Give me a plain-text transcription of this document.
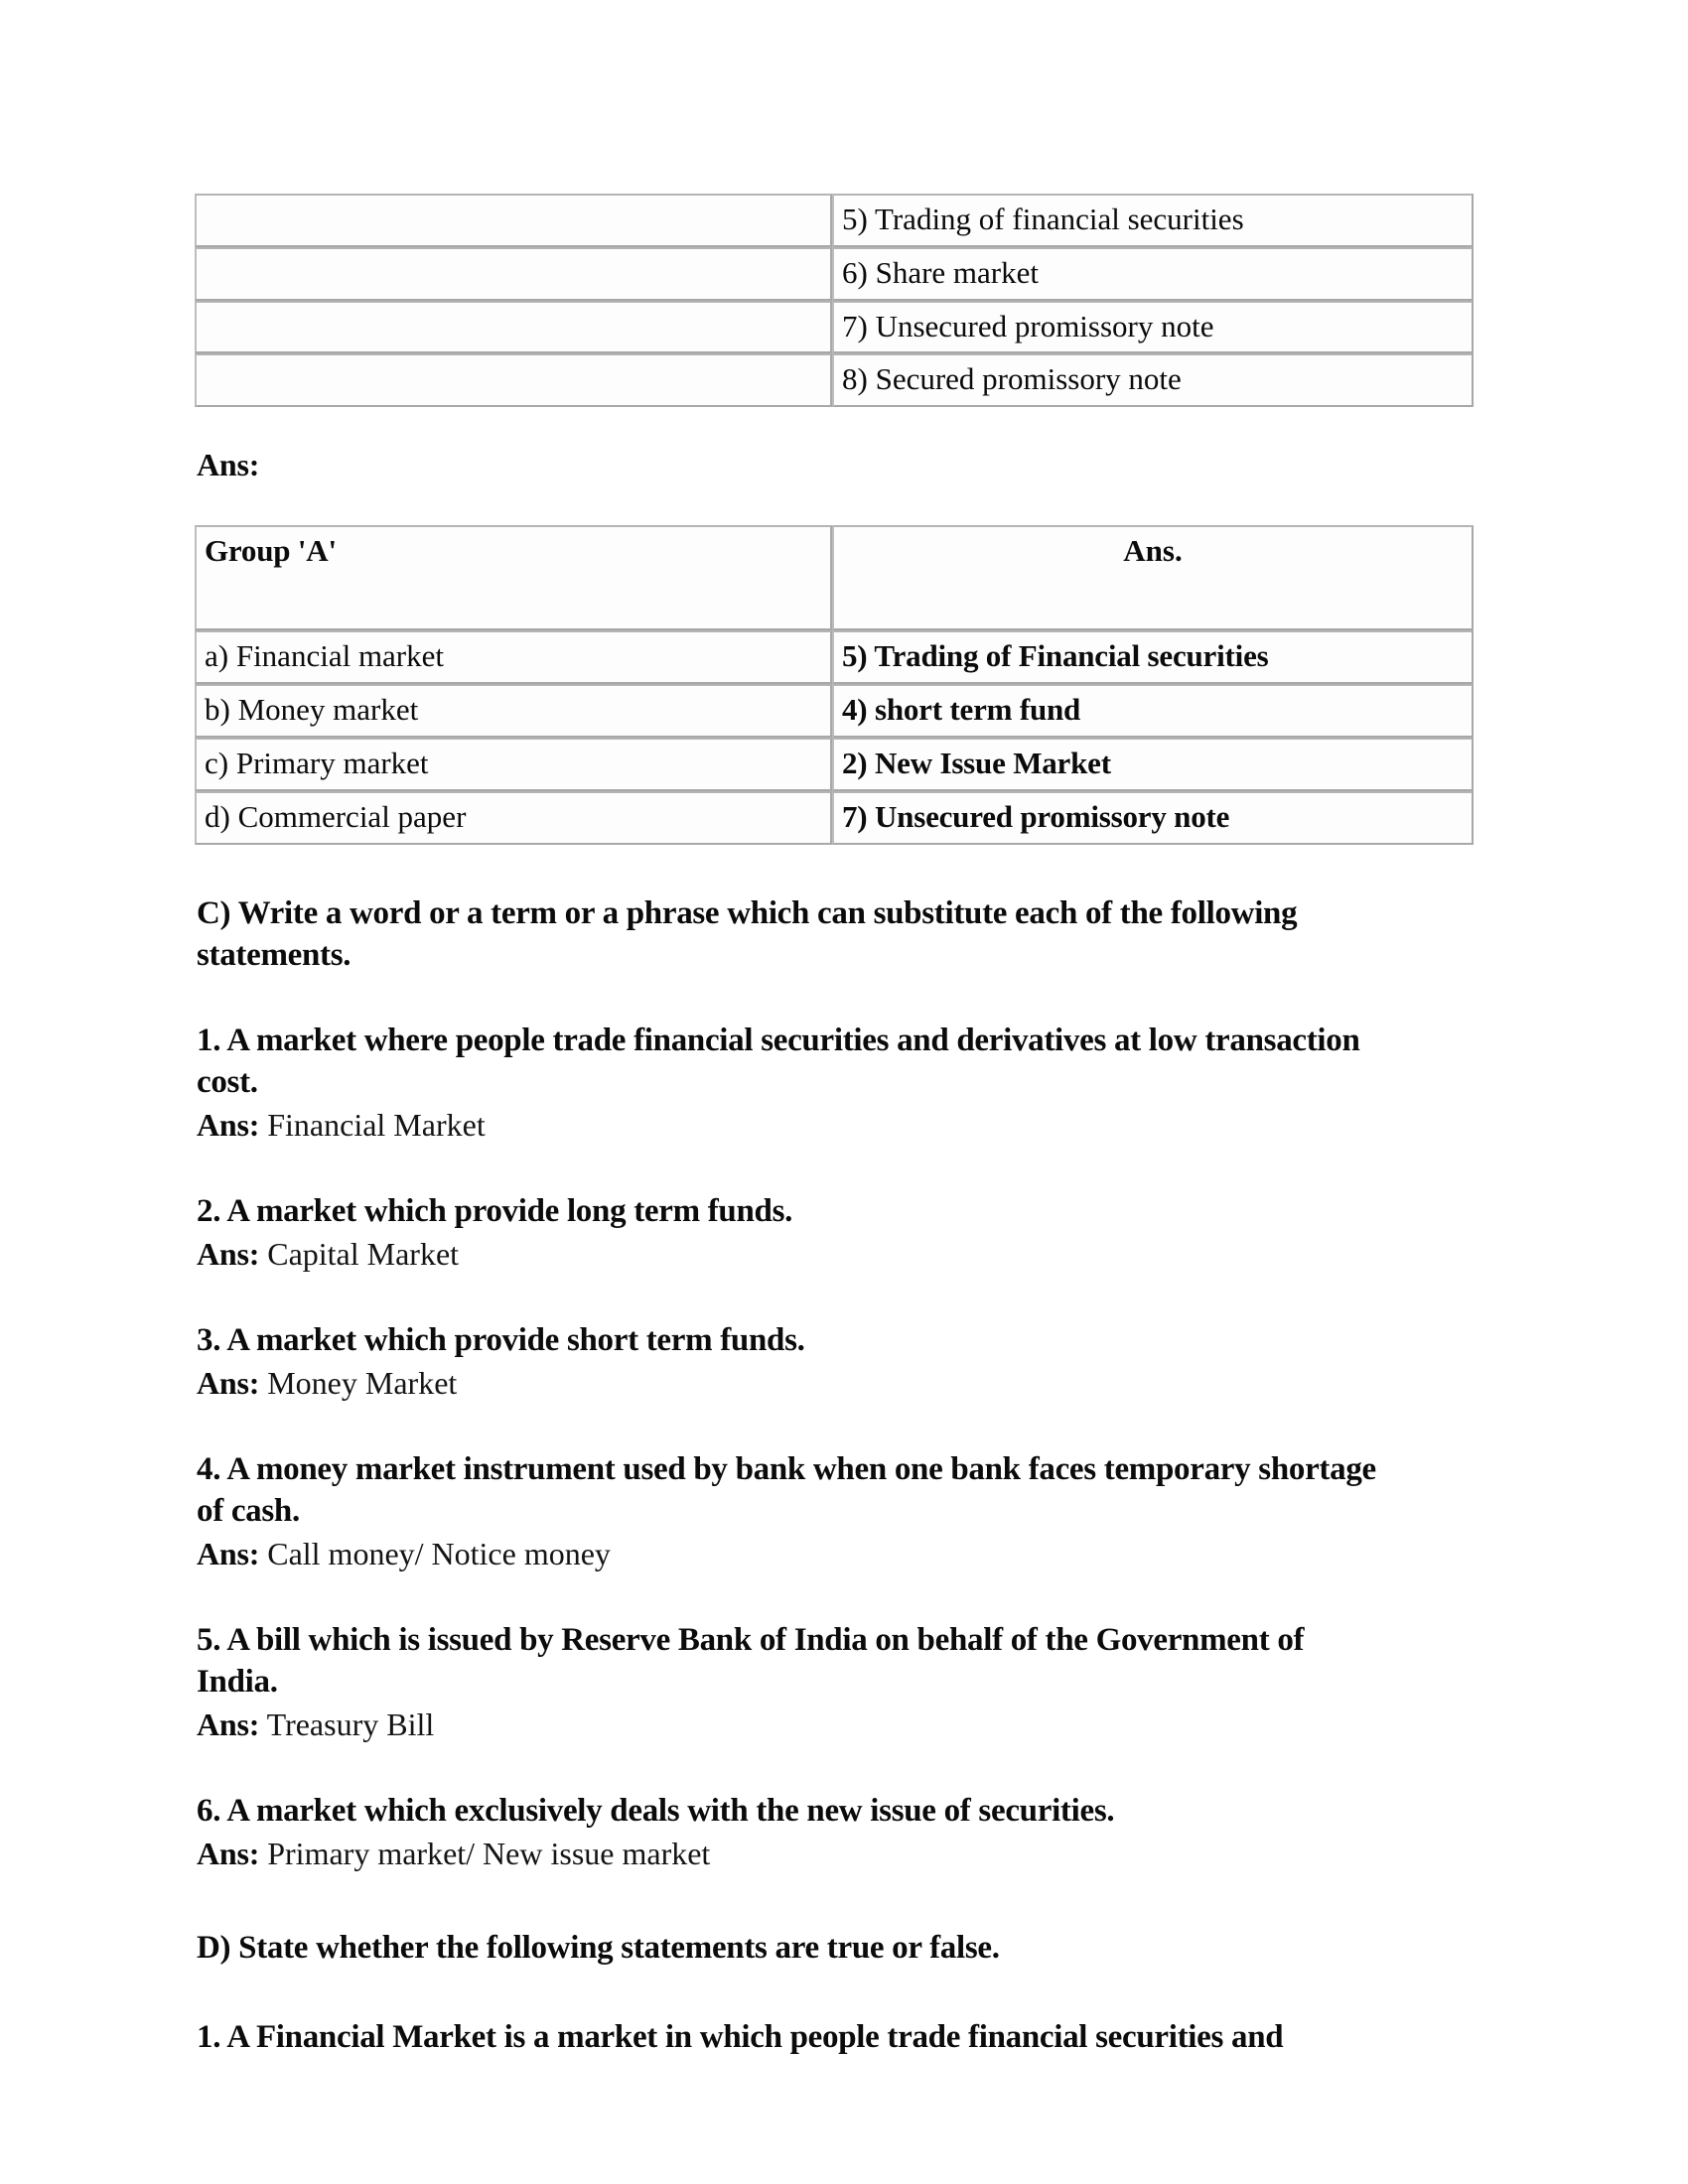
	5) Trading of financial securities
	6) Share market
	7) Unsecured promissory note
	8) Secured promissory note
Ans:
Group 'A'	Ans.
a) Financial market	5) Trading of Financial securities
b) Money market	4) short term fund
c) Primary market	2) New Issue Market
d) Commercial paper	7) Unsecured promissory note

C) Write a word or a term or a phrase which can substitute each of the following statements.

1. A market where people trade financial securities and derivatives at low transaction cost.

Ans: Financial Market

2. A market which provide long term funds.

Ans: Capital Market

3. A market which provide short term funds.

Ans: Money Market

4. A money market instrument used by bank when one bank faces temporary shortage of cash.

Ans: Call money/ Notice money

5. A bill which is issued by Reserve Bank of India on behalf of the Government of India.

Ans: Treasury Bill

6. A market which exclusively deals with the new issue of securities.

Ans: Primary market/ New issue market

D) State whether the following statements are true or false.

1. A Financial Market is a market in which people trade financial securities and
